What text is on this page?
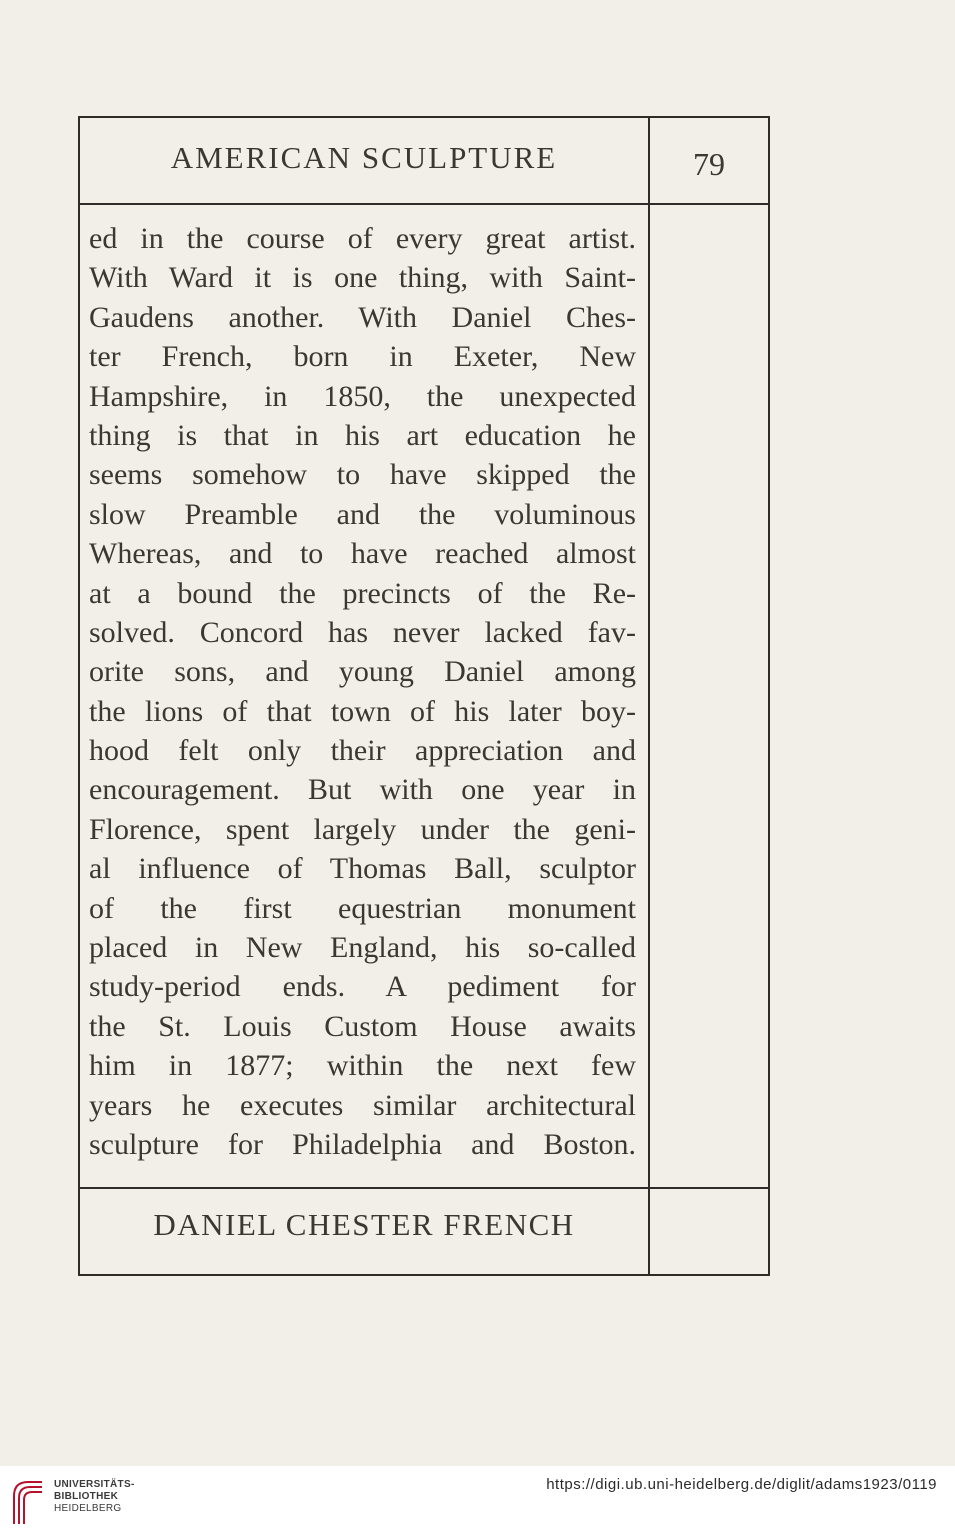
AMERICAN SCULPTURE	79
ed in the course of every great artist.
With Ward it is one thing, with Saint-
Gaudens another. With Daniel Ches-
ter French, born in Exeter, New
Hampshire, in 1850, the unexpected
thing is that in his art education he
seems somehow to have skipped the
slow Preamble and the voluminous
Whereas, and to have reached almost
at a bound the precincts of the Re-
solved. Concord has never lacked fav-
orite sons, and young Daniel among
the lions of that town of his later boy-
hood felt only their appreciation and
encouragement. But with one year in
Florence, spent largely under the geni-
al influence of Thomas Ball, sculptor
of the first equestrian monument
placed in New England, his so-called
study-period ends. A pediment for
the St. Louis Custom House awaits
him in 1877; within the next few
years he executes similar architectural
sculpture for Philadelphia and Boston.
DANIEL CHESTER FRENCH
UNIVERSITÄTS-
BIBLIOTHEK
HEIDELBERG
https://digi.ub.uni-heidelberg.de/diglit/adams1923/0119
